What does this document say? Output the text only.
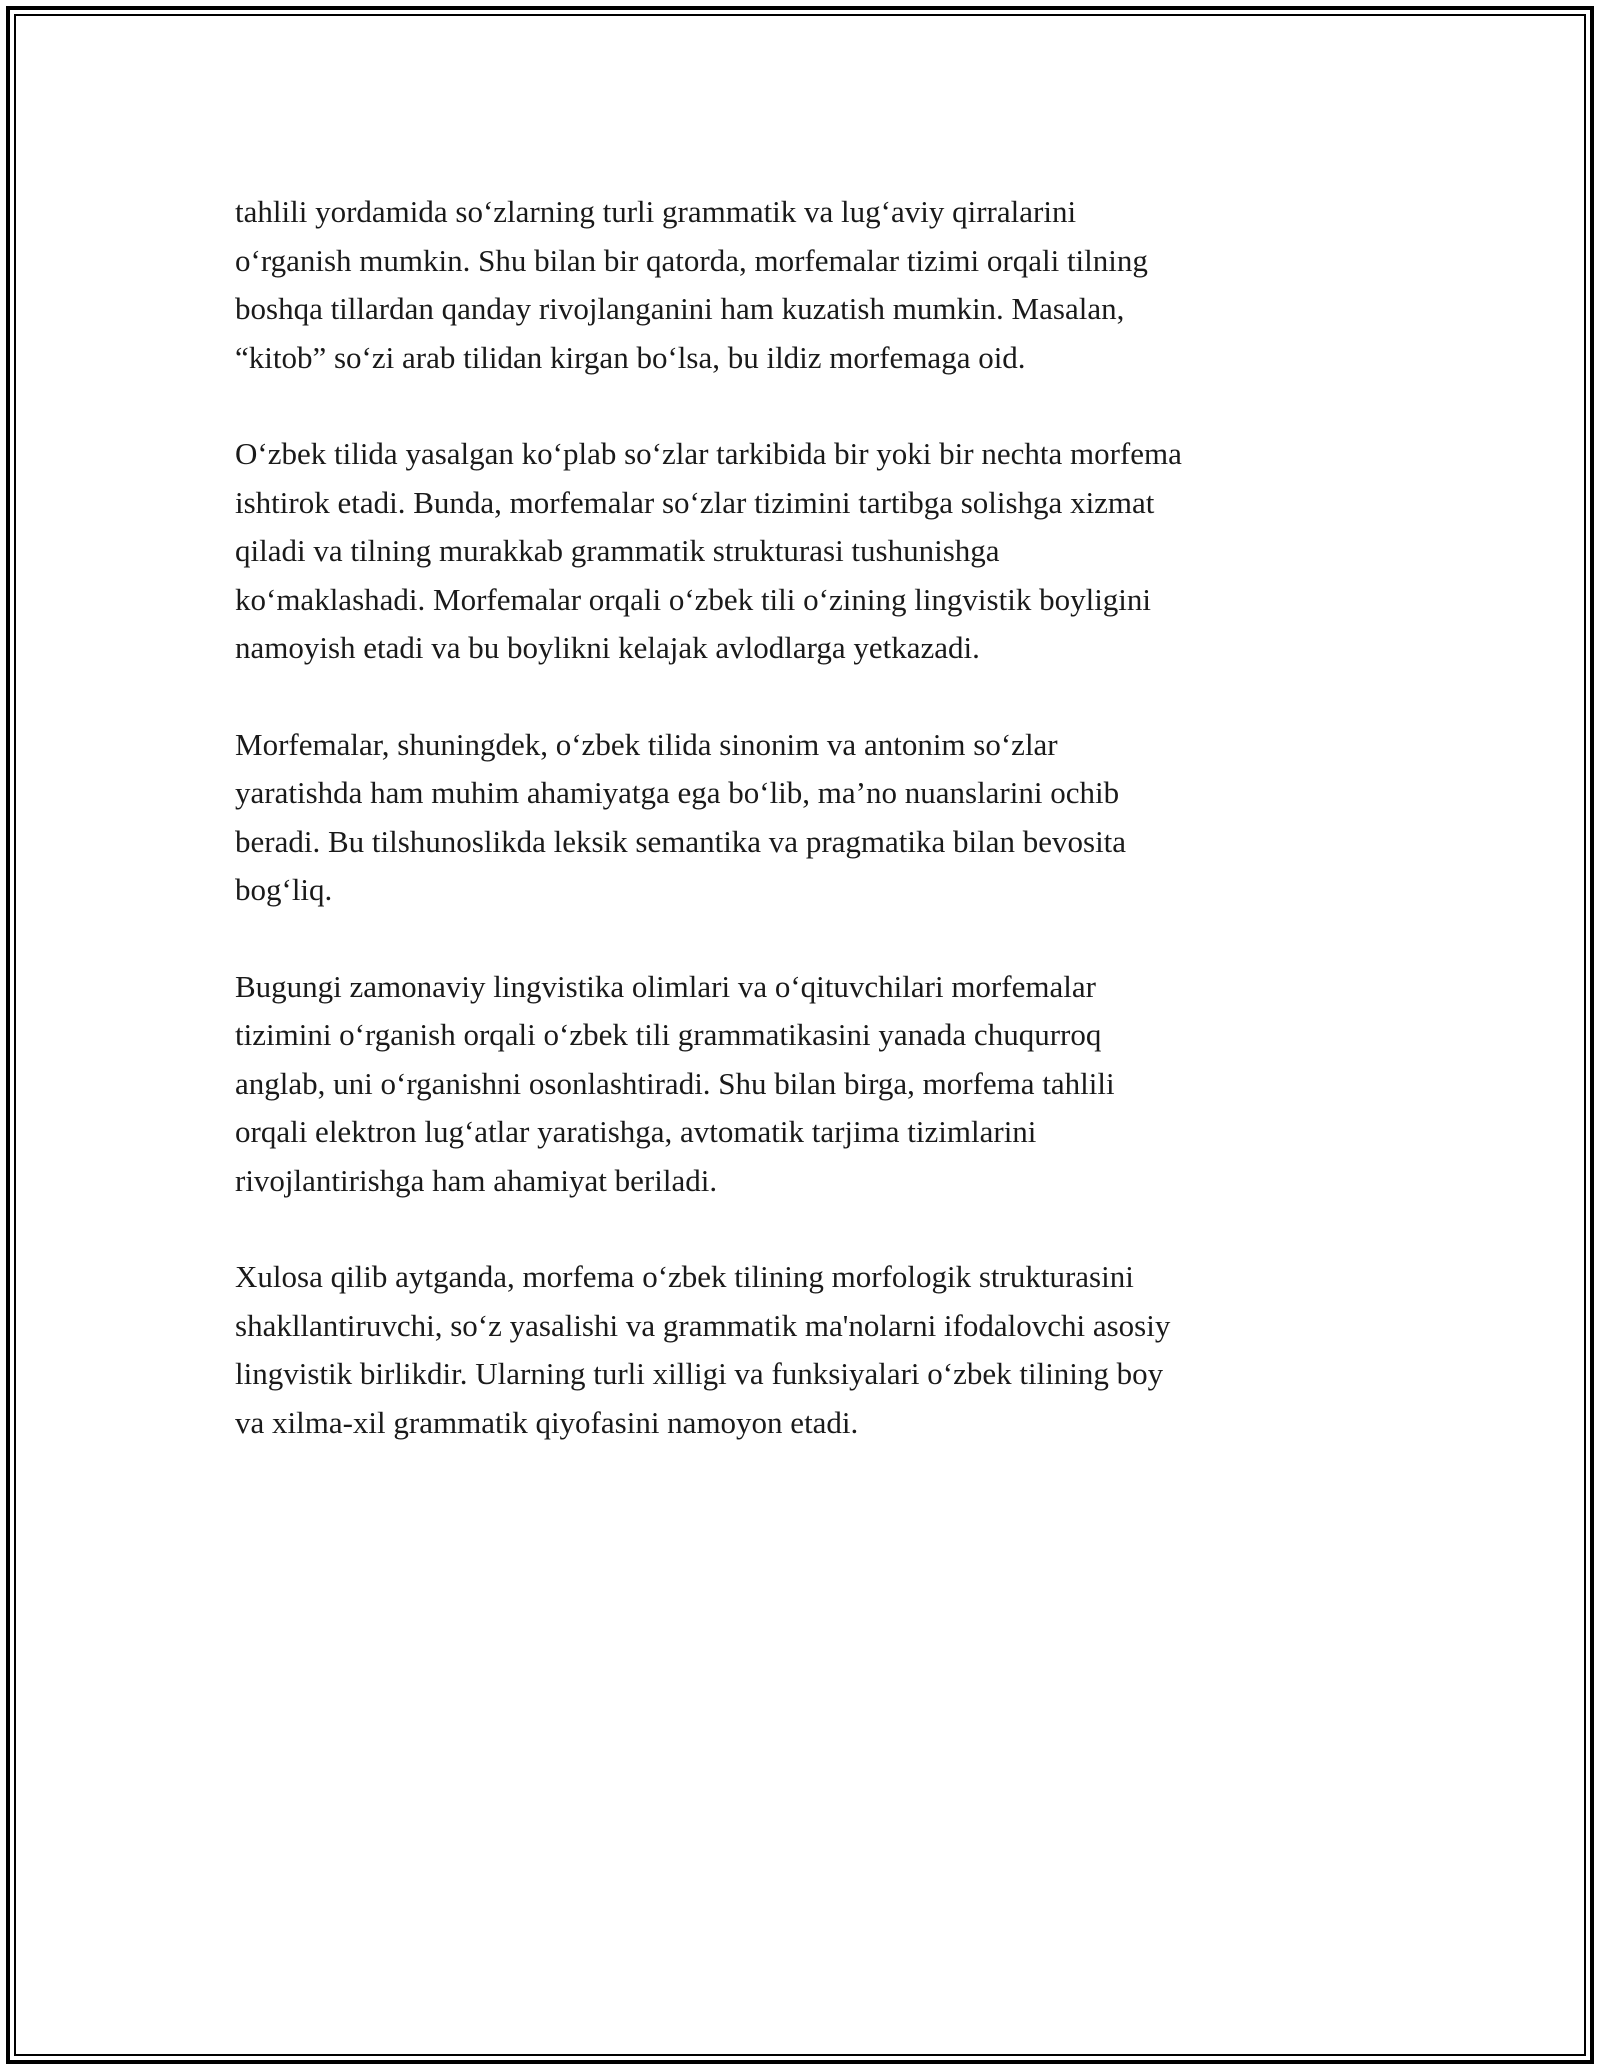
tahlili yordamida so‘zlarning turli grammatik va lug‘aviy qirralarini
o‘rganish mumkin. Shu bilan bir qatorda, morfemalar tizimi orqali tilning
boshqa tillardan qanday rivojlanganini ham kuzatish mumkin. Masalan,
“kitob” so‘zi arab tilidan kirgan bo‘lsa, bu ildiz morfemaga oid.

O‘zbek tilida yasalgan ko‘plab so‘zlar tarkibida bir yoki bir nechta morfema
ishtirok etadi. Bunda, morfemalar so‘zlar tizimini tartibga solishga xizmat
qiladi va tilning murakkab grammatik strukturasi tushunishga
ko‘maklashadi. Morfemalar orqali o‘zbek tili o‘zining lingvistik boyligini
namoyish etadi va bu boylikni kelajak avlodlarga yetkazadi.

Morfemalar, shuningdek, o‘zbek tilida sinonim va antonim so‘zlar
yaratishda ham muhim ahamiyatga ega bo‘lib, ma’no nuanslarini ochib
beradi. Bu tilshunoslikda leksik semantika va pragmatika bilan bevosita
bog‘liq.

Bugungi zamonaviy lingvistika olimlari va o‘qituvchilari morfemalar
tizimini o‘rganish orqali o‘zbek tili grammatikasini yanada chuqurroq
anglab, uni o‘rganishni osonlashtiradi. Shu bilan birga, morfema tahlili
orqali elektron lug‘atlar yaratishga, avtomatik tarjima tizimlarini
rivojlantirishga ham ahamiyat beriladi.

Xulosa qilib aytganda, morfema o‘zbek tilining morfologik strukturasini
shakllantiruvchi, so‘z yasalishi va grammatik ma'nolarni ifodalovchi asosiy
lingvistik birlikdir. Ularning turli xilligi va funksiyalari o‘zbek tilining boy
va xilma-xil grammatik qiyofasini namoyon etadi.
